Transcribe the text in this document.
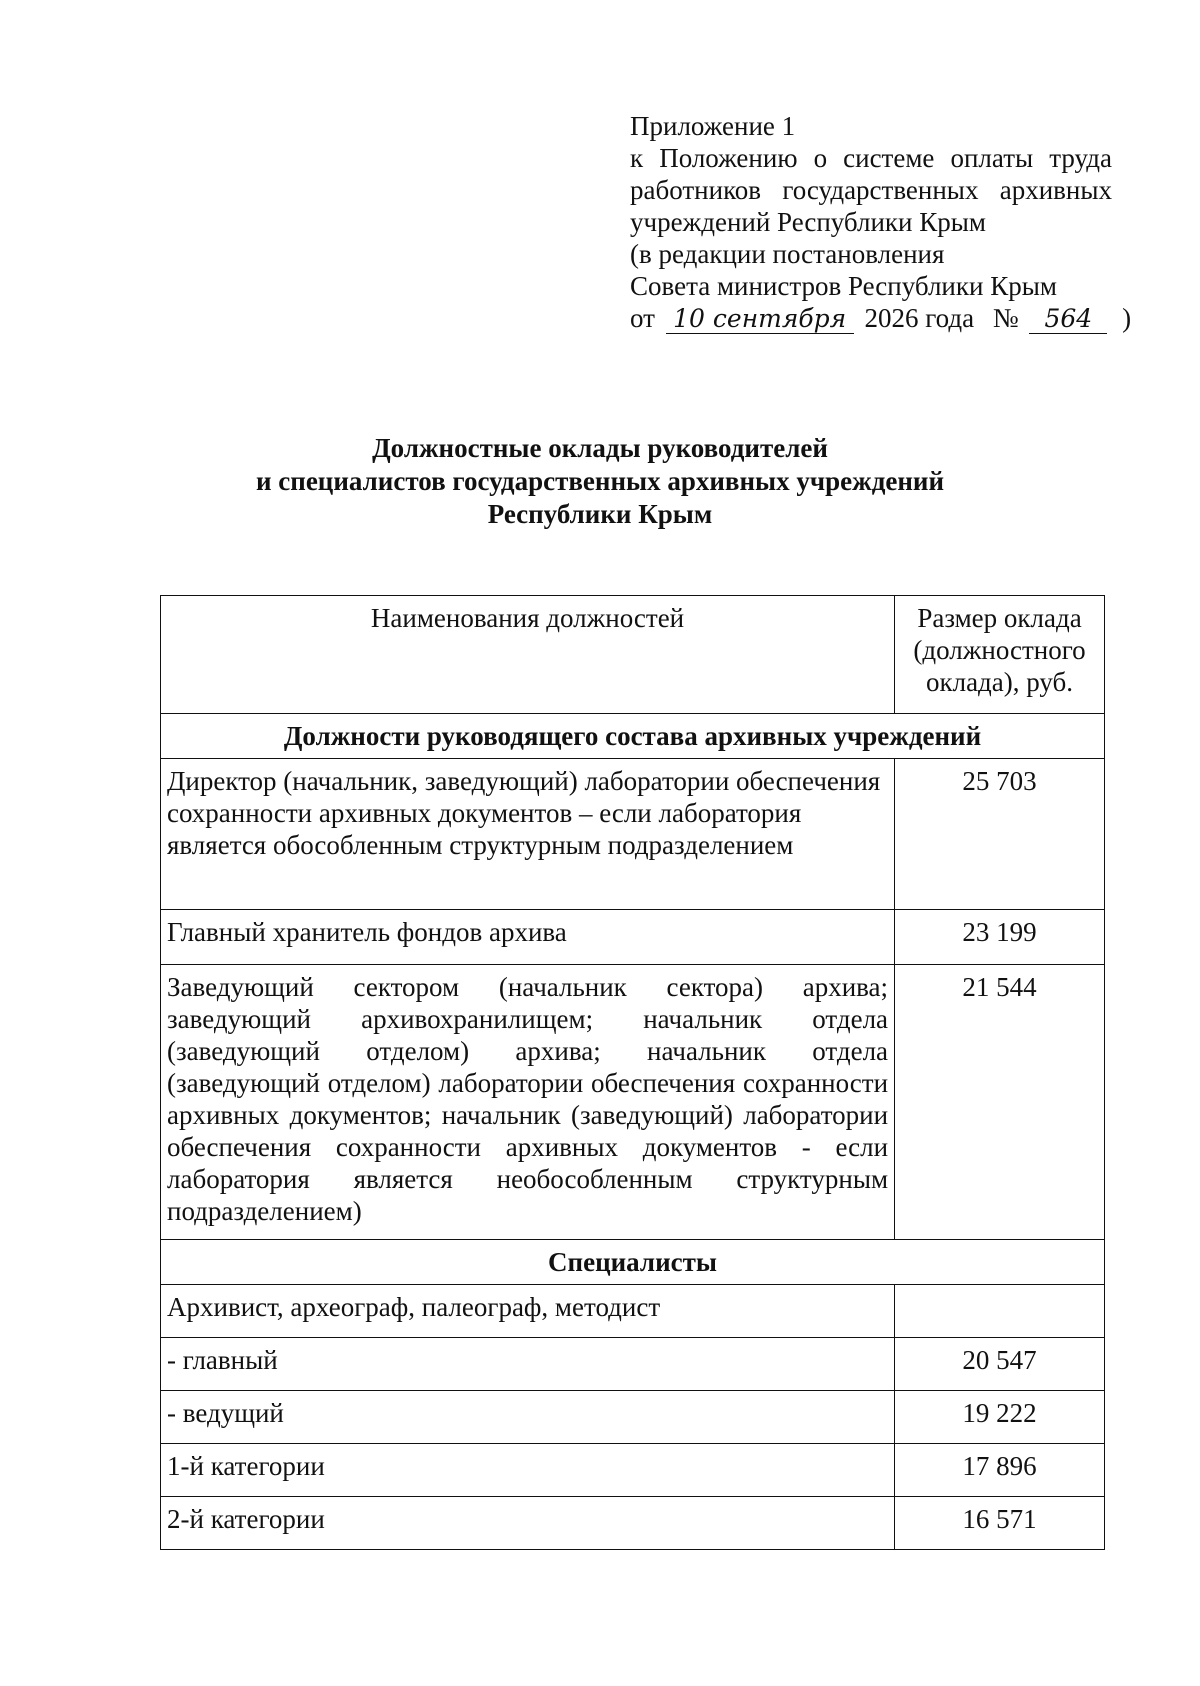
Приложение 1
к Положению о системе оплаты труда
работников государственных архивных
учреждений Республики Крым
(в редакции постановления
Совета министров Республики Крым
от 10 сентября 2026 года № 564 )
Должностные оклады руководителей
и специалистов государственных архивных учреждений
Республики Крым
Наименования должностей	Размер оклада (должностного оклада), руб.
Должности руководящего состава архивных учреждений	
Директор (начальник, заведующий) лаборатории обеспечения сохранности архивных документов – если лаборатория является обособленным структурным подразделением	25 703
Главный хранитель фондов архива	23 199
Заведующий сектором (начальник сектора) архива; заведующий архивохранилищем; начальник отдела (заведующий отделом) архива; начальник отдела (заведующий отделом) лаборатории обеспечения сохранности архивных документов; начальник (заведующий) лаборатории обеспечения сохранности архивных документов - если лаборатория является необособленным структурным подразделением)	21 544
Специалисты	
Архивист, археограф, палеограф, методист	
- главный	20 547
- ведущий	19 222
1-й категории	17 896
2-й категории	16 571
